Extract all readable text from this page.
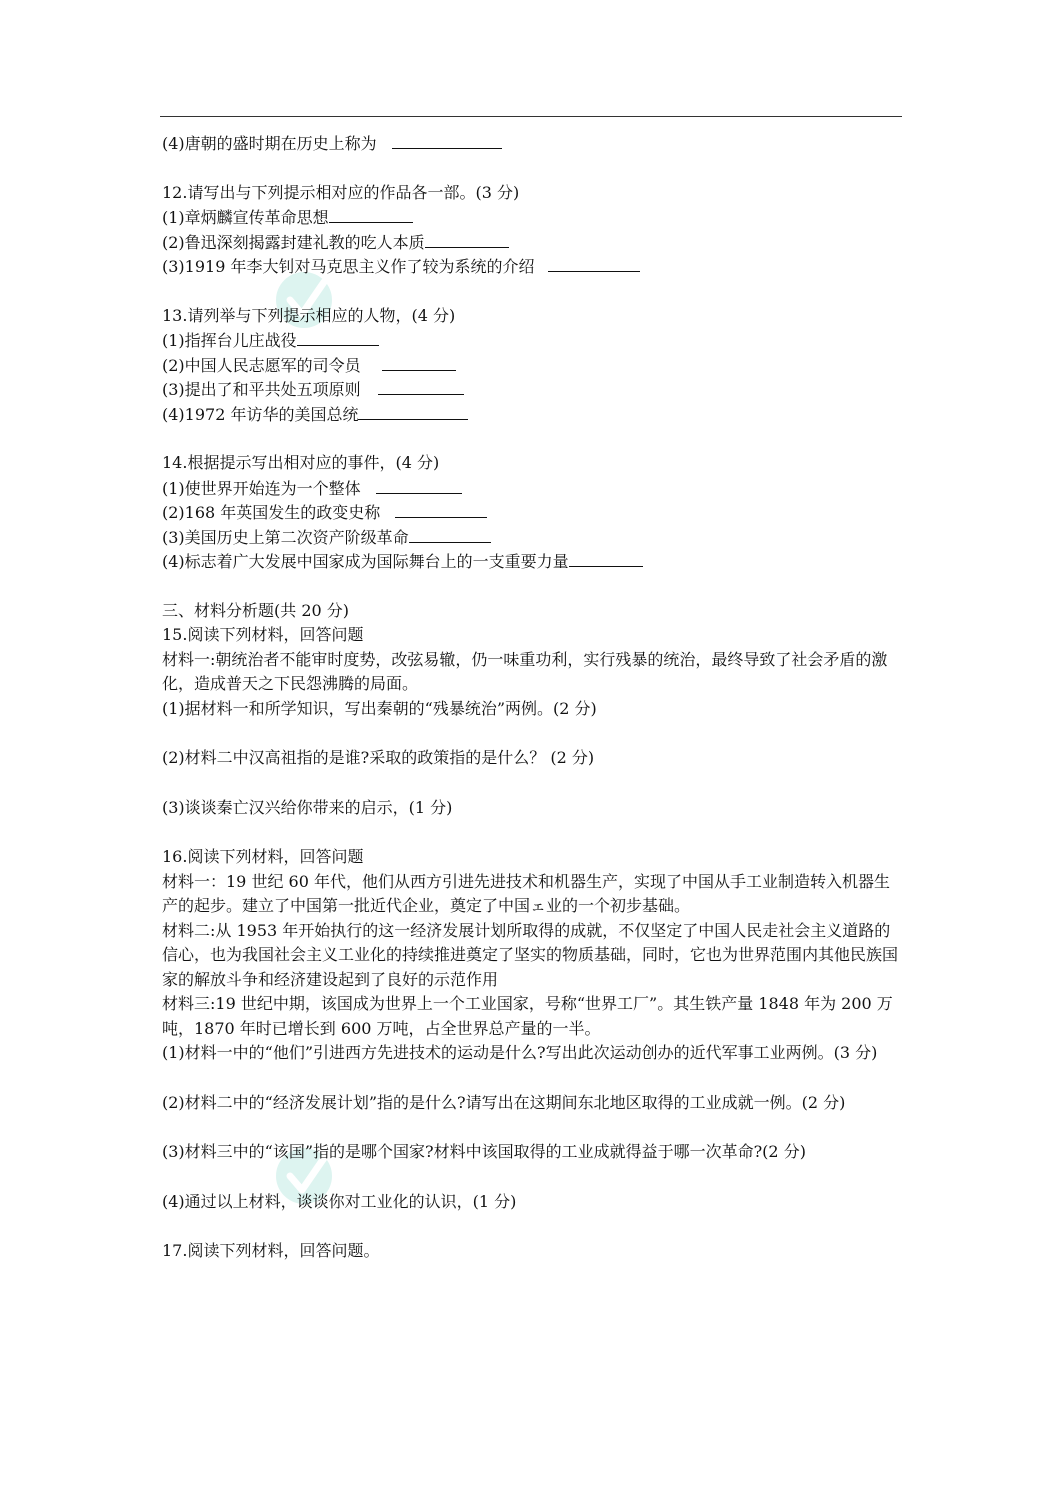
(4)唐朝的盛时期在历史上称为
12.请写出与下列提示相对应的作品各一部。(3 分)
(1)章炳麟宣传革命思想
(2)鲁迅深刻揭露封建礼教的吃人本质
(3)1919 年李大钊对马克思主义作了较为系统的介绍
13.请列举与下列提示相应的人物，(4 分)
(1)指挥台儿庄战役
(2)中国人民志愿军的司令员
(3)提出了和平共处五项原则
(4)1972 年访华的美国总统
14.根据提示写出相对应的事件，(4 分)
(1)使世界开始连为一个整体
(2)168 年英国发生的政变史称
(3)美国历史上第二次资产阶级革命
(4)标志着广大发展中国家成为国际舞台上的一支重要力量
三、材料分析题(共 20 分)
15.阅读下列材料，回答问题
材料一:朝统治者不能审时度势，改弦易辙，仍一味重功利，实行残暴的统治，最终导致了社会矛盾的激化，造成普天之下民怨沸腾的局面。
(1)据材料一和所学知识，写出秦朝的“残暴统治”两例。(2 分)
(2)材料二中汉高祖指的是谁?采取的政策指的是什么？ (2 分)
(3)谈谈秦亡汉兴给你带来的启示，(1 分)
16.阅读下列材料，回答问题
材料一：19 世纪 60 年代，他们从西方引进先进技术和机器生产，实现了中国从手工业制造转入机器生产的起步。建立了中国第一批近代企业，奠定了中国ェ业的一个初步基础。
材料二:从 1953 年开始执行的这一经济发展计划所取得的成就，不仅坚定了中国人民走社会主义道路的信心，也为我国社会主义工业化的持续推进奠定了坚实的物质基础，同时，它也为世界范围内其他民族国家的解放斗争和经济建设起到了良好的示范作用
材料三:19 世纪中期，该国成为世界上一个工业国家，号称“世界工厂”。其生铁产量 1848 年为 200 万吨，1870 年时已增长到 600 万吨，占全世界总产量的一半。
(1)材料一中的“他们”引进西方先进技术的运动是什么?写出此次运动创办的近代军事工业两例。(3 分)
(2)材料二中的“经济发展计划”指的是什么?请写出在这期间东北地区取得的工业成就一例。(2 分)
(3)材料三中的“该国”指的是哪个国家?材料中该国取得的工业成就得益于哪一次革命?(2 分)
(4)通过以上材料，谈谈你对工业化的认识，(1 分)
17.阅读下列材料，回答问题。
